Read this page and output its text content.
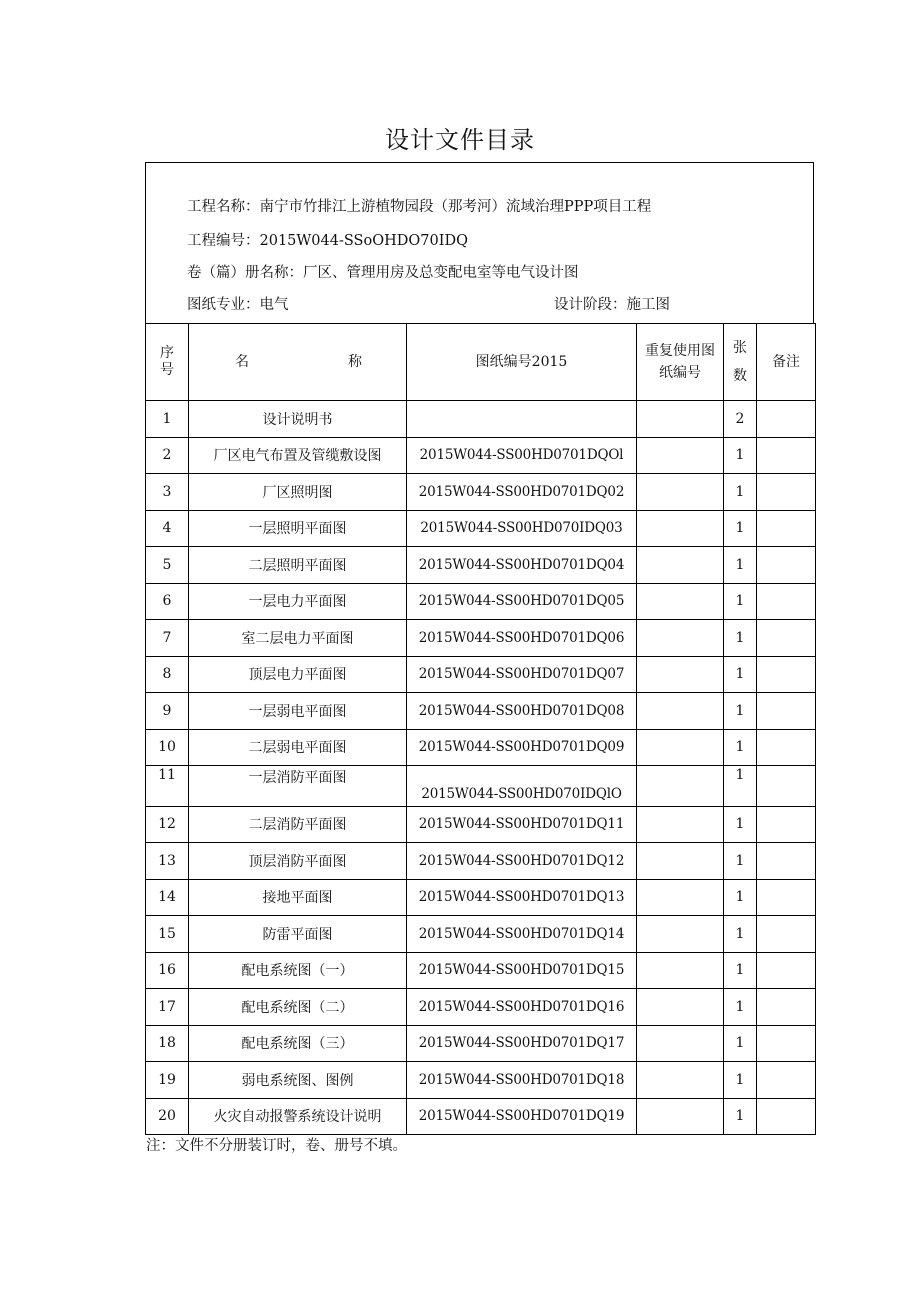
设计文件目录
工程名称：南宁市竹排江上游植物园段（那考河）流域治理PPP项目工程
工程编号：2015W044-SSoOHDO70IDQ
卷（篇）册名称：厂区、管理用房及总变配电室等电气设计图
图纸专业：电气	设计阶段：施工图
序号	名 称	图纸编号2015	重复使用图纸编号	张数	备注
1	设计说明书			2	
2	厂区电气布置及管缆敷设图	2015W044-SS00HD0701DQOl		1	
3	厂区照明图	2015W044-SS00HD0701DQ02		1	
4	一层照明平面图	2015W044-SS00HD070IDQ03		1	
5	二层照明平面图	2015W044-SS00HD0701DQ04		1	
6	一层电力平面图	2015W044-SS00HD0701DQ05		1	
7	室二层电力平面图	2015W044-SS00HD0701DQ06		1	
8	顶层电力平面图	2015W044-SS00HD0701DQ07		1	
9	一层弱电平面图	2015W044-SS00HD0701DQ08		1	
10	二层弱电平面图	2015W044-SS00HD0701DQ09		1	
11	一层消防平面图	2015W044-SS00HD070IDQlO		1	
12	二层消防平面图	2015W044-SS00HD0701DQ11		1	
13	顶层消防平面图	2015W044-SS00HD0701DQ12		1	
14	接地平面图	2015W044-SS00HD0701DQ13		1	
15	防雷平面图	2015W044-SS00HD0701DQ14		1	
16	配电系统图（一）	2015W044-SS00HD0701DQ15		1	
17	配电系统图（二）	2015W044-SS00HD0701DQ16		1	
18	配电系统图（三）	2015W044-SS00HD0701DQ17		1	
19	弱电系统图、图例	2015W044-SS00HD0701DQ18		1	
20	火灾自动报警系统设计说明	2015W044-SS00HD0701DQ19		1	
注：文件不分册装订时，卷、册号不填。
